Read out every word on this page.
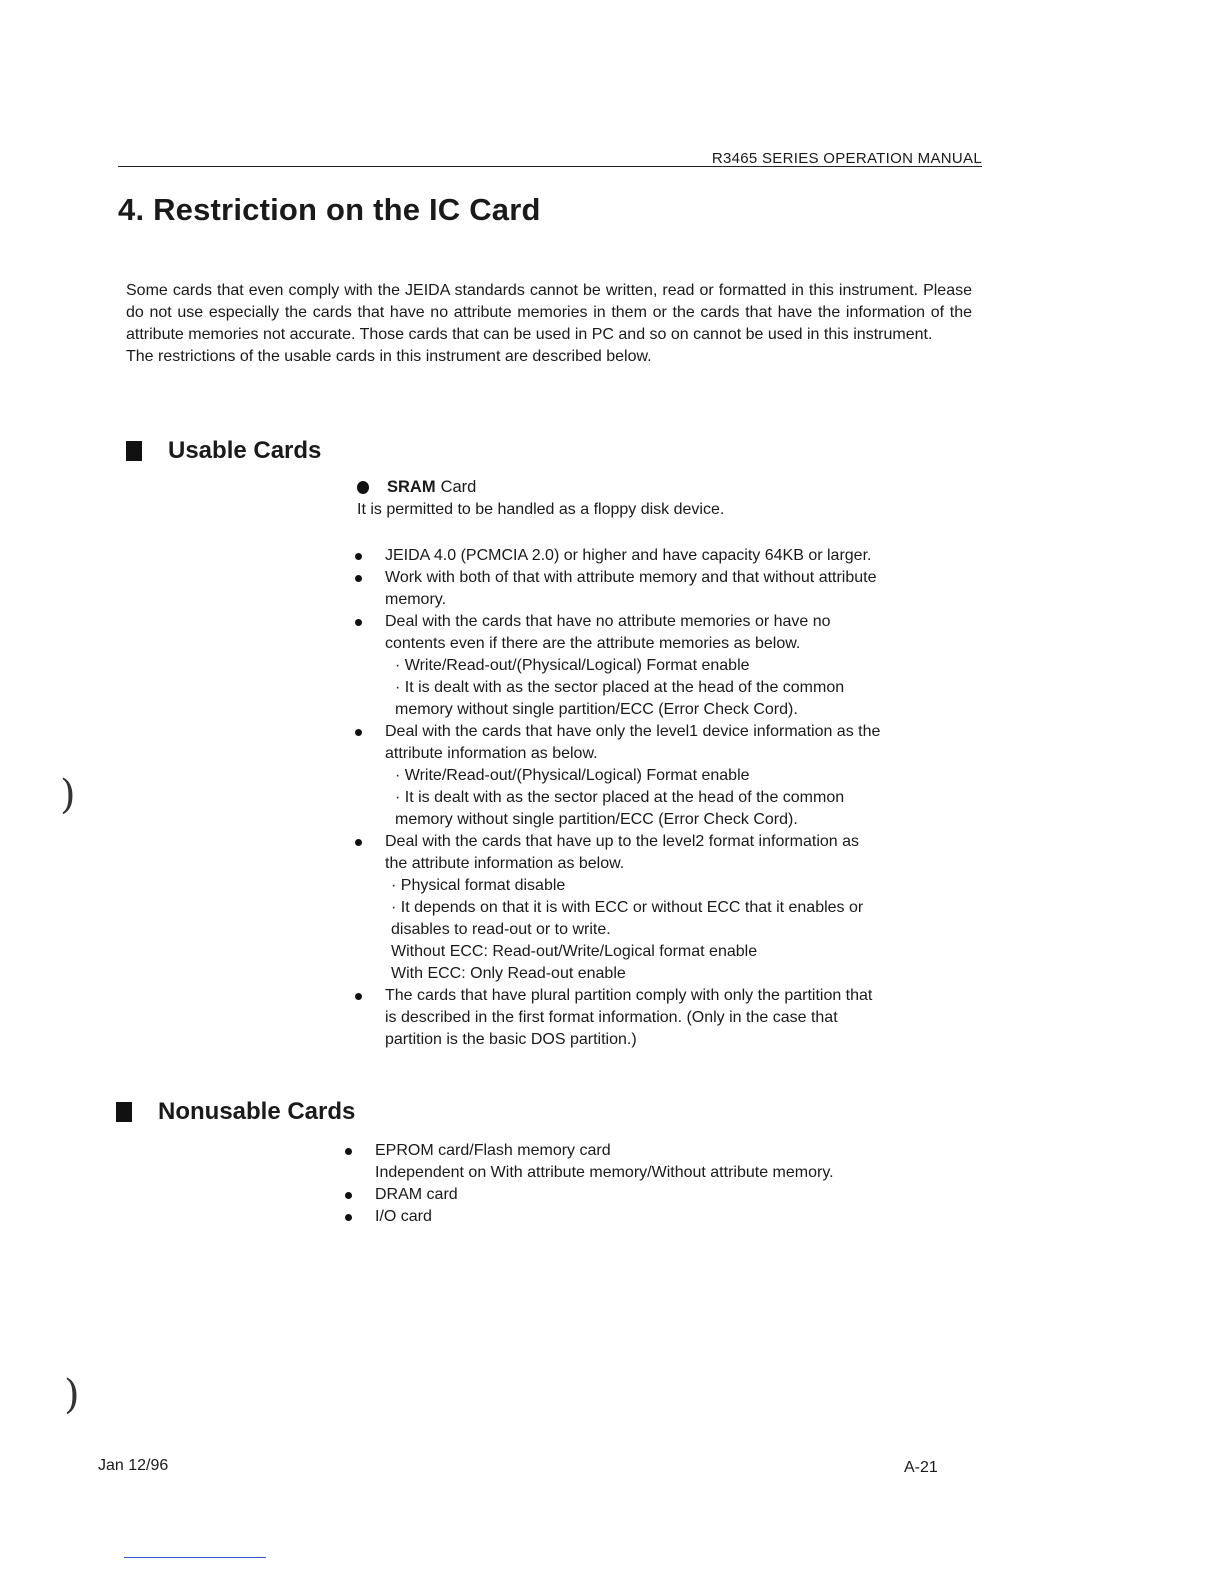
R3465 SERIES OPERATION MANUAL
4. Restriction on the IC Card

Some cards that even comply with the JEIDA standards cannot be written, read or formatted in this instrument. Please do not use especially the cards that have no attribute memories in them or the cards that have the information of the attribute memories not accurate. Those cards that can be used in PC and so on cannot be used in this instrument.

The restrictions of the usable cards in this instrument are described below.

Usable Cards
SRAM Card
It is permitted to be handled as a floppy disk device.
JEIDA 4.0 (PCMCIA 2.0) or higher and have capacity 64KB or larger.
Work with both of that with attribute memory and that without attribute
memory.
Deal with the cards that have no attribute memories or have no
contents even if there are the attribute memories as below.
· Write/Read-out/(Physical/Logical) Format enable
· It is dealt with as the sector placed at the head of the common
memory without single partition/ECC (Error Check Cord).
Deal with the cards that have only the level1 device information as the
attribute information as below.
· Write/Read-out/(Physical/Logical) Format enable
· It is dealt with as the sector placed at the head of the common
memory without single partition/ECC (Error Check Cord).
Deal with the cards that have up to the level2 format information as
the attribute information as below.
· Physical format disable
· It depends on that it is with ECC or without ECC that it enables or
disables to read-out or to write.
Without ECC: Read-out/Write/Logical format enable
With ECC: Only Read-out enable
The cards that have plural partition comply with only the partition that
is described in the first format information. (Only in the case that
partition is the basic DOS partition.)
Nonusable Cards
EPROM card/Flash memory card
Independent on With attribute memory/Without attribute memory.
DRAM card
I/O card
)
)
Jan 12/96	A-21
